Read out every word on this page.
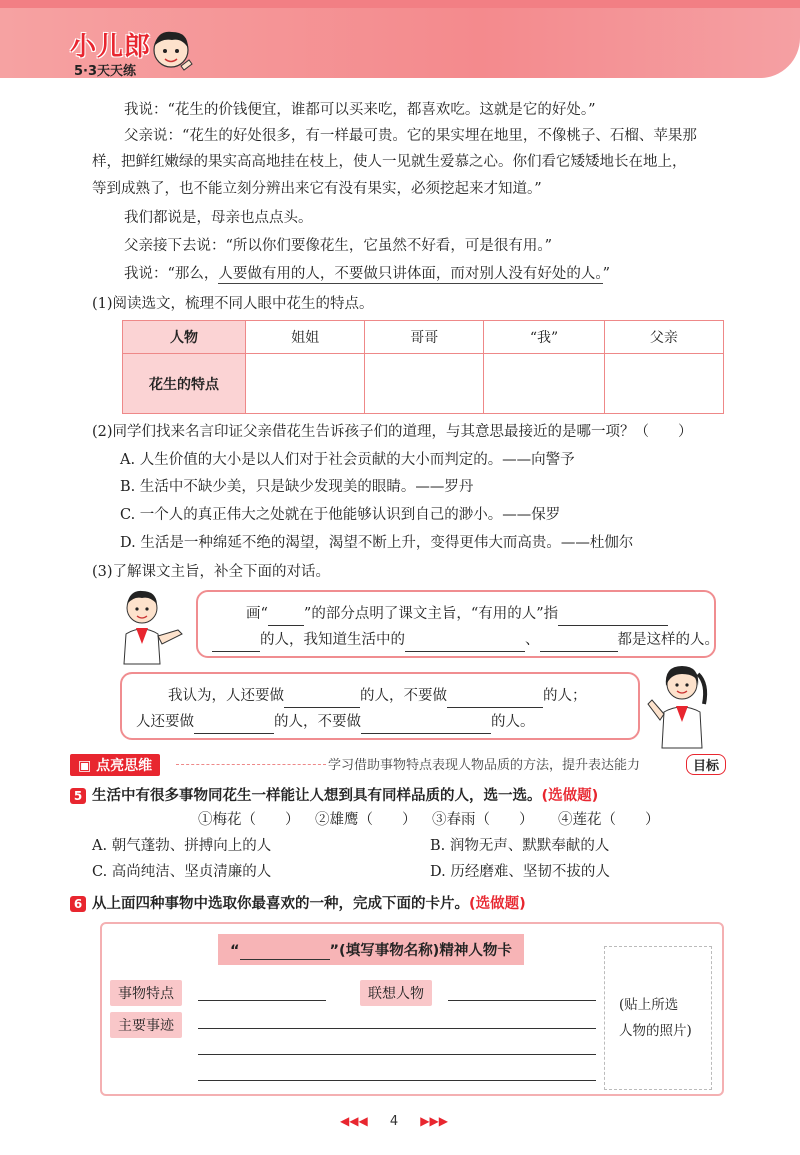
小儿郎
5·3天天练
我说：“花生的价钱便宜，谁都可以买来吃，都喜欢吃。这就是它的好处。”
父亲说：“花生的好处很多，有一样最可贵。它的果实埋在地里，不像桃子、石榴、苹果那
样，把鲜红嫩绿的果实高高地挂在枝上，使人一见就生爱慕之心。你们看它矮矮地长在地上，
等到成熟了，也不能立刻分辨出来它有没有果实，必须挖起来才知道。”
我们都说是，母亲也点点头。
父亲接下去说：“所以你们要像花生，它虽然不好看，可是很有用。”
我说：“那么，人要做有用的人，不要做只讲体面，而对别人没有好处的人。”
(1)阅读选文，梳理不同人眼中花生的特点。
人物	姐姐	哥哥	“我”	父亲
花生的特点				
(2)同学们找来名言印证父亲借花生告诉孩子们的道理，与其意思最接近的是哪一项？（　　）
A. 人生价值的大小是以人们对于社会贡献的大小而判定的。——向警予
B. 生活中不缺少美，只是缺少发现美的眼睛。——罗丹
C. 一个人的真正伟大之处就在于他能够认识到自己的渺小。——保罗
D. 生活是一种绵延不绝的渴望，渴望不断上升，变得更伟大而高贵。——杜伽尔
(3)了解课文主旨，补全下面的对话。
画“ ”的部分点明了课文主旨，“有用的人”指
的人，我知道生活中的	、	都是这样的人。
我认为，人还要做	的人，不要做	的人；
人还要做	的人，不要做	的人。
▣ 点亮思维	学习借助事物特点表现人物品质的方法，提升表达能力	目标
5 生活中有很多事物同花生一样能让人想到具有同样品质的人，选一选。(选做题)
①梅花（　　） ②雄鹰（　　） ③春雨（　　） ④莲花（　　）
A. 朝气蓬勃、拼搏向上的人	B. 润物无声、默默奉献的人
C. 高尚纯洁、坚贞清廉的人	D. 历经磨难、坚韧不拔的人
6 从上面四种事物中选取你最喜欢的一种，完成下面的卡片。(选做题)
“	”(填写事物名称)精神人物卡
事物特点	联想人物
主要事迹
(贴上所选
人物的照片)
◀◀◀ 4 ▶▶▶
